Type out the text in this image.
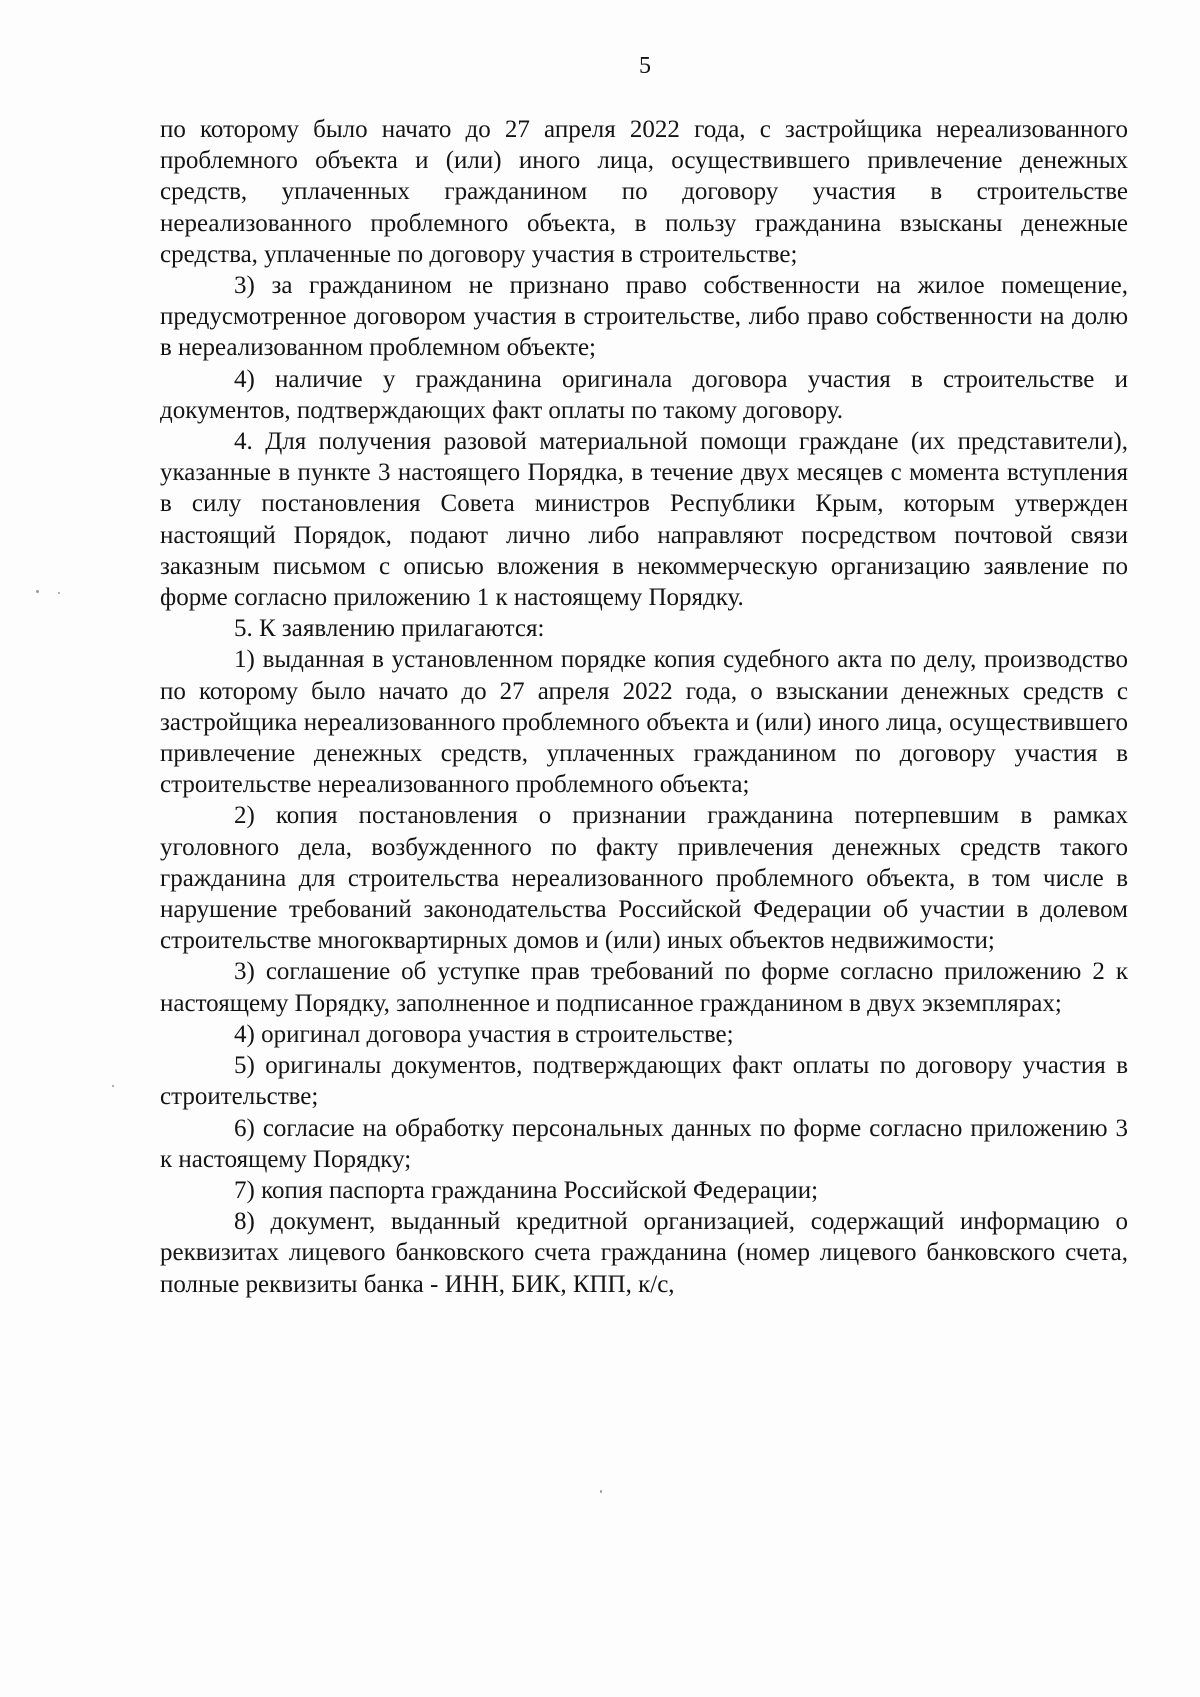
5

по которому было начато до 27 апреля 2022 года, с застройщика нереализованного проблемного объекта и (или) иного лица, осуществившего привлечение денежных средств, уплаченных гражданином по договору участия в строительстве нереализованного проблемного объекта, в пользу гражданина взысканы денежные средства, уплаченные по договору участия в строительстве;

3) за гражданином не признано право собственности на жилое помещение, предусмотренное договором участия в строительстве, либо право собственности на долю в нереализованном проблемном объекте;

4) наличие у гражданина оригинала договора участия в строительстве и документов, подтверждающих факт оплаты по такому договору.

4. Для получения разовой материальной помощи граждане (их представители), указанные в пункте 3 настоящего Порядка, в течение двух месяцев с момента вступления в силу постановления Совета министров Республики Крым, которым утвержден настоящий Порядок, подают лично либо направляют посредством почтовой связи заказным письмом с описью вложения в некоммерческую организацию заявление по форме согласно приложению 1 к настоящему Порядку.

5. К заявлению прилагаются:

1) выданная в установленном порядке копия судебного акта по делу, производство по которому было начато до 27 апреля 2022 года, о взыскании денежных средств с застройщика нереализованного проблемного объекта и (или) иного лица, осуществившего привлечение денежных средств, уплаченных гражданином по договору участия в строительстве нереализованного проблемного объекта;

2) копия постановления о признании гражданина потерпевшим в рамках уголовного дела, возбужденного по факту привлечения денежных средств такого гражданина для строительства нереализованного проблемного объекта, в том числе в нарушение требований законодательства Российской Федерации об участии в долевом строительстве многоквартирных домов и (или) иных объектов недвижимости;

3) соглашение об уступке прав требований по форме согласно приложению 2 к настоящему Порядку, заполненное и подписанное гражданином в двух экземплярах;

4) оригинал договора участия в строительстве;

5) оригиналы документов, подтверждающих факт оплаты по договору участия в строительстве;

6) согласие на обработку персональных данных по форме согласно приложению 3 к настоящему Порядку;

7) копия паспорта гражданина Российской Федерации;

8) документ, выданный кредитной организацией, содержащий информацию о реквизитах лицевого банковского счета гражданина (номер лицевого банковского счета, полные реквизиты банка - ИНН, БИК, КПП, к/с,
